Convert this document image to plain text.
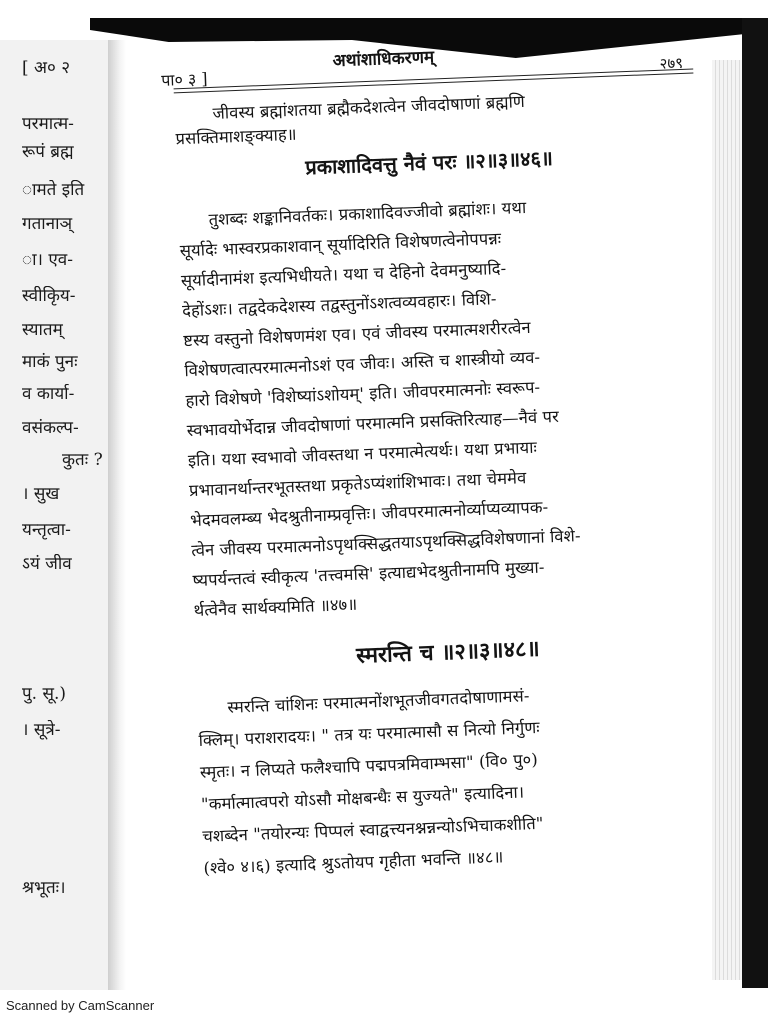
[ अ० २
परमात्म-
रूपं ब्रह्म
ामते इति
गतानाञ्
ा। एव-
स्वीकृिय-
स्यातम्
माकं पुनः
व कार्या-
वसंकल्प-
कुतः ?
। सुख
यन्तृत्वा-
ऽयं जीव
पु. सू.)
। सूत्रे-
श्रभूतः।
पा० ३ ]
अथांशाधिकरणम्	२७९
जीवस्य ब्रह्मांशतया ब्रह्मैकदेशत्वेन जीवदोषाणां ब्रह्मणि
प्रसक्तिमाशङ्क्याह॥
प्रकाशादिवत्तु नैवं परः ॥२॥३॥४६॥
तुशब्दः शङ्कानिवर्तकः। प्रकाशादिवज्जीवो ब्रह्मांशः। यथा
सूर्यादेः भास्वरप्रकाशवान् सूर्यादिरिति विशेषणत्वेनोपपन्नः
सूर्यादीनामंश इत्यभिधीयते। यथा च देहिनो देवमनुष्यादि-
देहोंऽशः। तद्वदेकदेशस्य तद्वस्तुनोंऽशत्वव्यवहारः। विशि-
ष्टस्य वस्तुनो विशेषणमंश एव। एवं जीवस्य परमात्मशरीरत्वेन
विशेषणत्वात्परमात्मनोऽशं एव जीवः। अस्ति च शास्त्रीयो व्यव-
हारो विशेषणे 'विशेष्यांऽशोयम्' इति। जीवपरमात्मनोः स्वरूप-
स्वभावयोर्भेदान्न जीवदोषाणां परमात्मनि प्रसक्तिरित्याह—नैवं पर
इति। यथा स्वभावो जीवस्तथा न परमात्मेत्यर्थः। यथा प्रभायाः
प्रभावानर्थान्तरभूतस्तथा प्रकृतेऽप्यंशांशिभावः। तथा चेममेव
भेदमवलम्ब्य भेदश्रुतीनाम्प्रवृत्तिः। जीवपरमात्मनोर्व्याप्यव्यापक-
त्वेन जीवस्य परमात्मनोऽपृथक्सिद्धतयाऽपृथक्सिद्धविशेषणानां विशे-
ष्यपर्यन्तत्वं स्वीकृत्य 'तत्त्वमसि' इत्याद्यभेदश्रुतीनामपि मुख्या-
र्थत्वेनैव सार्थक्यमिति ॥४७॥
स्मरन्ति च ॥२॥३॥४८॥
स्मरन्ति चांशिनः परमात्मनोंशभूतजीवगतदोषाणामसं-
क्लिम्। पराशरादयः। " तत्र यः परमात्मासौ स नित्यो निर्गुणः
स्मृतः। न लिप्यते फलैश्चापि पद्मपत्रमिवाम्भसा" (वि० पु०)
"कर्मात्मात्वपरो योऽसौ मोक्षबन्धैः स युज्यते" इत्यादिना।
चशब्देन "तयोरन्यः पिप्पलं स्वाद्वत्त्यनश्नन्नन्योऽभिचाकशीति"
(श्वे० ४।६) इत्यादि श्रुऽतोयप गृहीता भवन्ति ॥४८॥
Scanned by CamScanner
